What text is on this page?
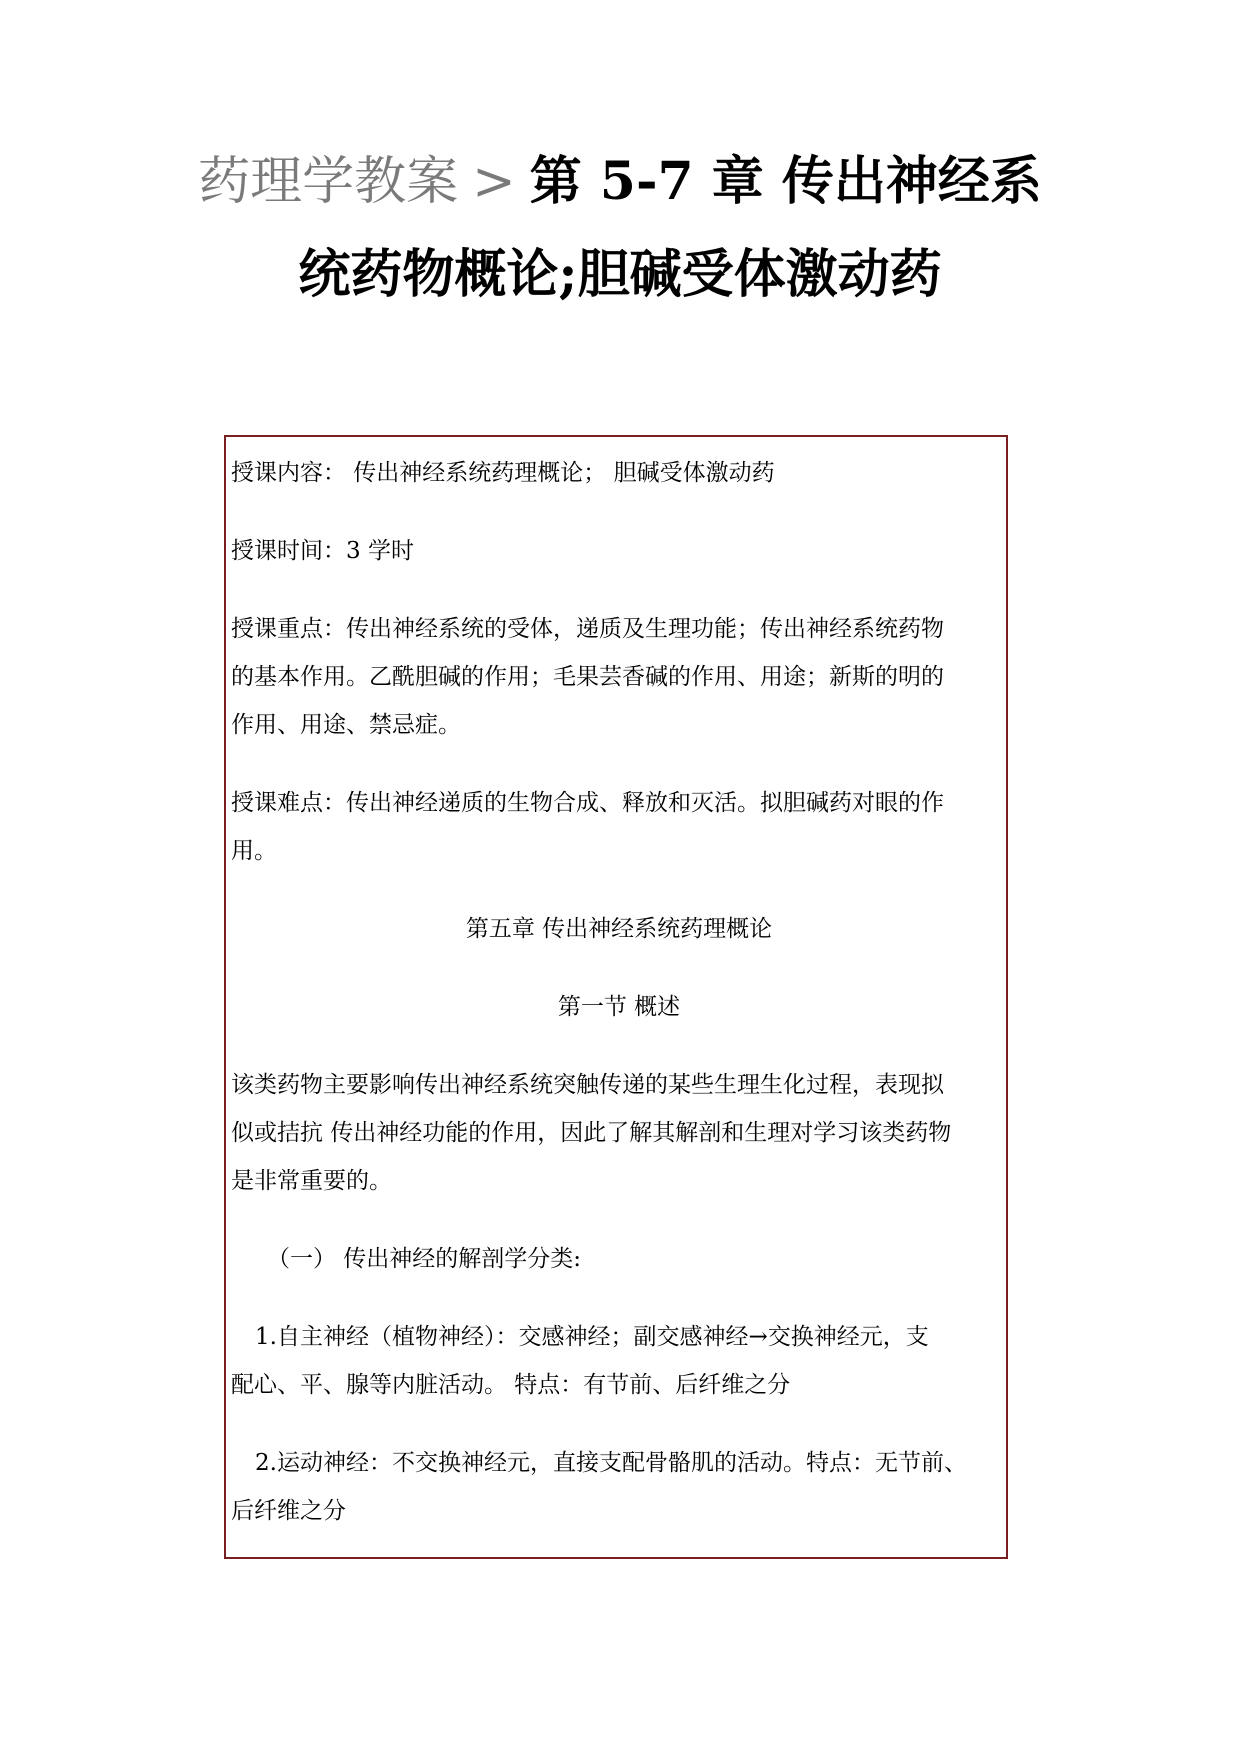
药理学教案 > 第 5-7 章 传出神经系
统药物概论;胆碱受体激动药

授课内容： 传出神经系统药理概论； 胆碱受体激动药

授课时间：3 学时

授课重点：传出神经系统的受体，递质及生理功能；传出神经系统药物

的基本作用。乙酰胆碱的作用；毛果芸香碱的作用、用途；新斯的明的

作用、用途、禁忌症。

授课难点：传出神经递质的生物合成、释放和灭活。拟胆碱药对眼的作

用。

第五章 传出神经系统药理概论

第一节 概述

该类药物主要影响传出神经系统突触传递的某些生理生化过程，表现拟

似或拮抗 传出神经功能的作用，因此了解其解剖和生理对学习该类药物

是非常重要的。

（一） 传出神经的解剖学分类:

1.自主神经（植物神经）：交感神经；副交感神经→交换神经元，支

配心、平、腺等内脏活动。 特点：有节前、后纤维之分

2.运动神经：不交换神经元，直接支配骨骼肌的活动。特点：无节前、

后纤维之分
